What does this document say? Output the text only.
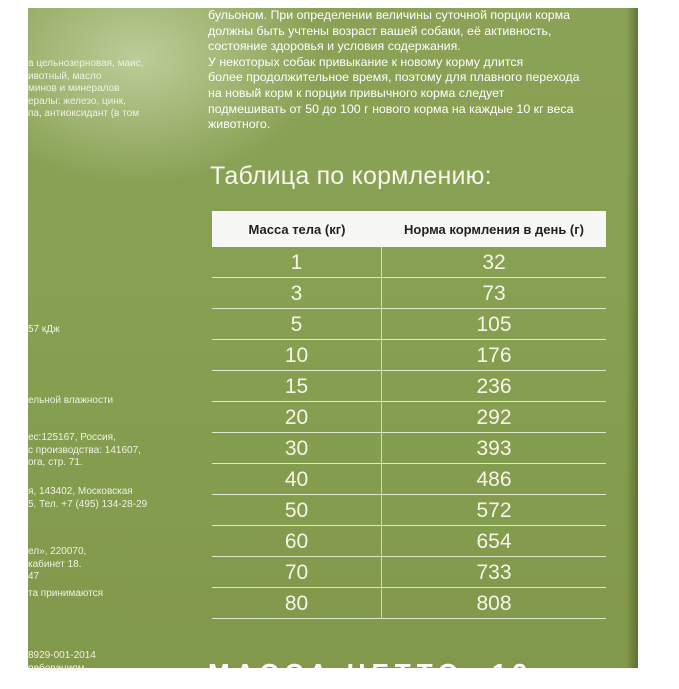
а цельнозерновая, маис,
ивотный, масло
минов и минералов
ералы: железо, цинк,
па, антиоксидант (в том
57 кДж
ельной влажности
ес:125167, Россия,
с производства: 141607,
ога, стр. 71.
я, 143402, Московская
5. Тел. +7 (495) 134-28-29
ел», 220070,
кабинет 18.
47
та принимаются
8929-001-2014
ребованиям
бульоном. При определении величины суточной порции корма
должны быть учтены возраст вашей собаки, её активность,
состояние здоровья и условия содержания.
У некоторых собак привыкание к новому корму длится
более продолжительное время, поэтому для плавного перехода
на новый корм к порции привычного корма следует
подмешивать от 50 до 100 г нового корма на каждые 10 кг веса
животного.
Таблица по кормлению:
Масса тела (кг)	Норма кормления в день (г)
1	32
3	73
5	105
10	176
15	236
20	292
30	393
40	486
50	572
60	654
70	733
80	808
МАССА НЕТТО: 12
